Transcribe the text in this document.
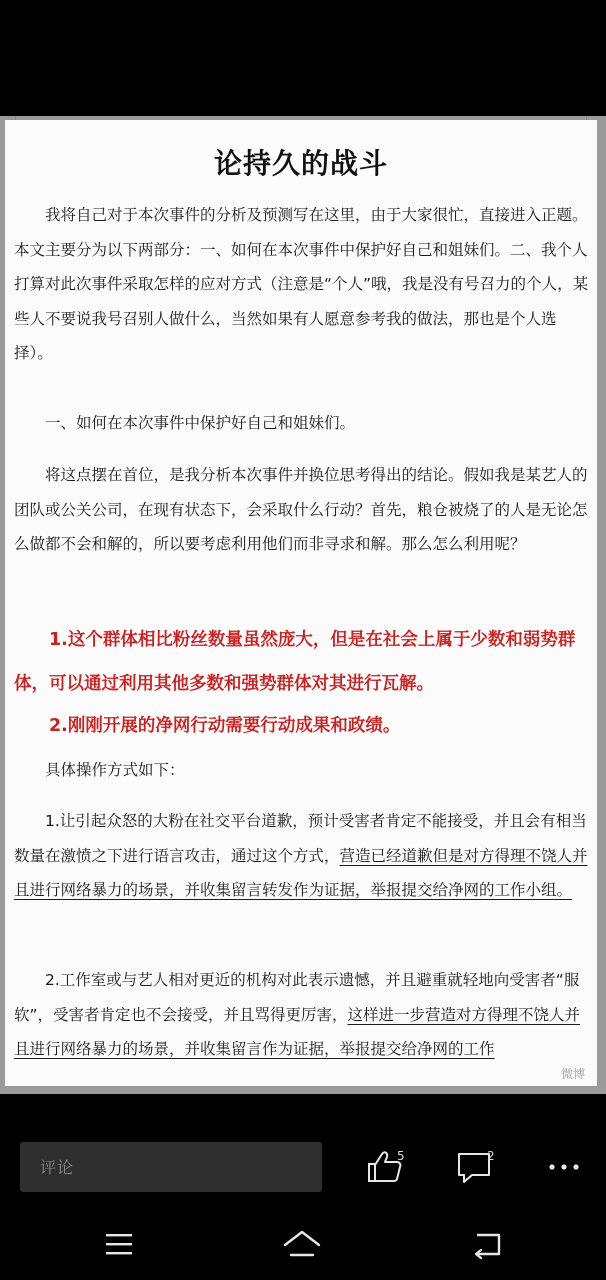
论持久的战斗
我将自己对于本次事件的分析及预测写在这里，由于大家很忙，直接进入正题。本文主要分为以下两部分：一、如何在本次事件中保护好自己和姐妹们。二、我个人打算对此次事件采取怎样的应对方式（注意是“个人”哦，我是没有号召力的个人，某些人不要说我号召别人做什么，当然如果有人愿意参考我的做法，那也是个人选择）。
一、如何在本次事件中保护好自己和姐妹们。
将这点摆在首位，是我分析本次事件并换位思考得出的结论。假如我是某艺人的团队或公关公司，在现有状态下，会采取什么行动？首先，粮仓被烧了的人是无论怎么做都不会和解的，所以要考虑利用他们而非寻求和解。那么怎么利用呢？
1.这个群体相比粉丝数量虽然庞大，但是在社会上属于少数和弱势群体，可以通过利用其他多数和强势群体对其进行瓦解。
2.刚刚开展的净网行动需要行动成果和政绩。
具体操作方式如下：
1.让引起众怒的大粉在社交平台道歉，预计受害者肯定不能接受，并且会有相当数量在激愤之下进行语言攻击，通过这个方式，营造已经道歉但是对方得理不饶人并且进行网络暴力的场景，并收集留言转发作为证据，举报提交给净网的工作小组。
2.工作室或与艺人相对更近的机构对此表示遗憾，并且避重就轻地向受害者“服软”，受害者肯定也不会接受，并且骂得更厉害，这样进一步营造对方得理不饶人并且进行网络暴力的场景，并收集留言作为证据，举报提交给净网的工作
微博
评论
5	2
